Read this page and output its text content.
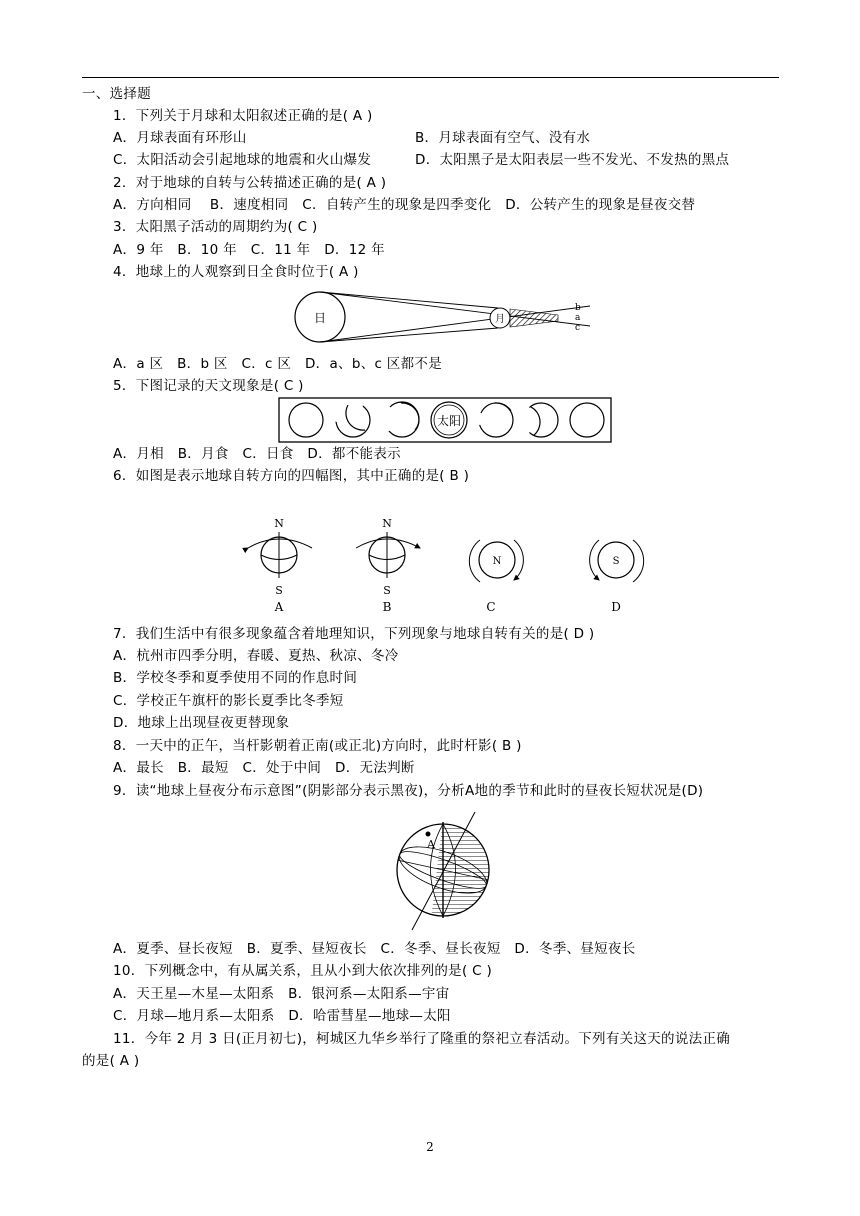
一、选择题
1．下列关于月球和太阳叙述正确的是( A )
A．月球表面有环形山	B．月球表面有空气、没有水
C．太阳活动会引起地球的地震和火山爆发	D．太阳黑子是太阳表层一些不发光、不发热的黑点
2．对于地球的自转与公转描述正确的是( A )
A．方向相同　 B．速度相同　C．自转产生的现象是四季变化　D．公转产生的现象是昼夜交替
3．太阳黑子活动的周期约为( C )
A．9 年　B．10 年　C．11 年　D．12 年
4．地球上的人观察到日全食时位于( A )
日	月
b
a
c
A．a 区　B．b 区　C．c 区　D．a、b、c 区都不是
5．下图记录的天文现象是( C )
太阳
A．月相　B．月食　C．日食　D．都不能表示
6．如图是表示地球自转方向的四幅图，其中正确的是( B )
N
S
A
N
S
B
N
C
S
D
7．我们生活中有很多现象蕴含着地理知识，下列现象与地球自转有关的是( D )
A．杭州市四季分明，春暖、夏热、秋凉、冬冷
B．学校冬季和夏季使用不同的作息时间
C．学校正午旗杆的影长夏季比冬季短
D．地球上出现昼夜更替现象
8．一天中的正午，当杆影朝着正南(或正北)方向时，此时杆影( B )
A．最长　B．最短　C．处于中间　D．无法判断
9．读“地球上昼夜分布示意图”(阴影部分表示黑夜)，分析A地的季节和此时的昼夜长短状况是(D)
A
A．夏季、昼长夜短　B．夏季、昼短夜长　C．冬季、昼长夜短　D．冬季、昼短夜长
10．下列概念中，有从属关系，且从小到大依次排列的是( C )
A．天王星—木星—太阳系　B．银河系—太阳系—宇宙
C．月球—地月系—太阳系　D．哈雷彗星—地球—太阳
11．今年 2 月 3 日(正月初七)，柯城区九华乡举行了隆重的祭祀立春活动。下列有关这天的说法正确
的是( A )
2
